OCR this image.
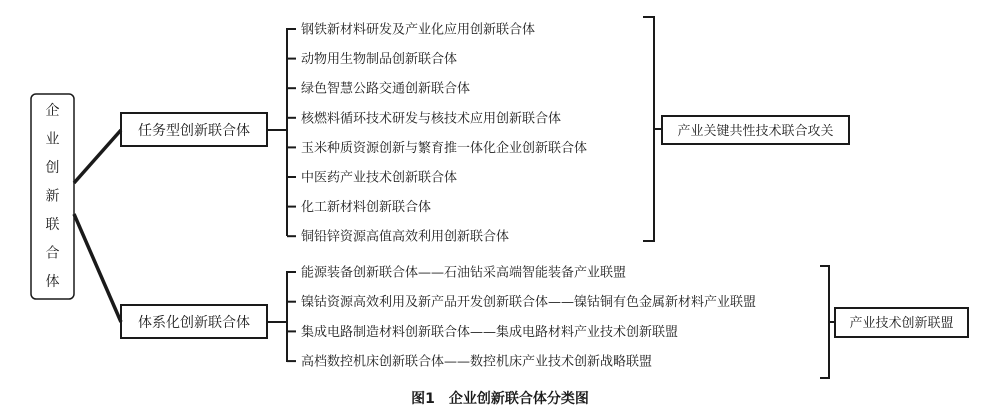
企
业
创
新
联
合
体
任务型创新联合体
体系化创新联合体
钢铁新材料研发及产业化应用创新联合体
动物用生物制品创新联合体
绿色智慧公路交通创新联合体
核燃料循环技术研发与核技术应用创新联合体
玉米种质资源创新与繁育推一体化企业创新联合体
中医药产业技术创新联合体
化工新材料创新联合体
铜铅锌资源高值高效利用创新联合体
能源装备创新联合体——石油钻采高端智能装备产业联盟
镍钴资源高效利用及新产品开发创新联合体——镍钴铜有色金属新材料产业联盟
集成电路制造材料创新联合体——集成电路材料产业技术创新联盟
高档数控机床创新联合体——数控机床产业技术创新战略联盟
产业关键共性技术联合攻关
产业技术创新联盟
图1　企业创新联合体分类图
